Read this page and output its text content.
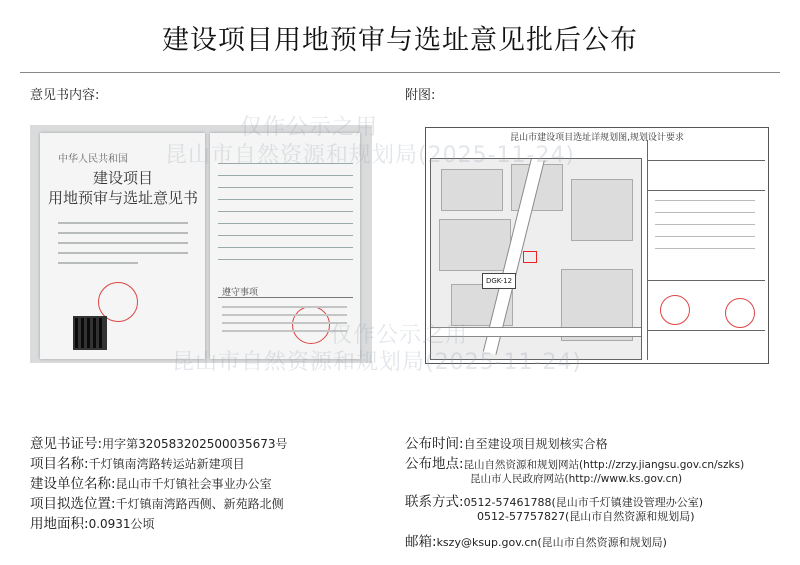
建设项目用地预审与选址意见批后公布
意见书内容:	附图:
中华人民共和国
建设项目
用地预审与选址意见书
遵守事项
昆山市建设项目选址详规划图,规划设计要求
DGK-12
仅作公示之用
昆山市自然资源和规划局(2025-11-24)
仅作公示之用
昆山市自然资源和规划局(2025-11-24)
意见书证号:用字第320583202500035673号
项目名称:千灯镇南湾路转运站新建项目
建设单位名称:昆山市千灯镇社会事业办公室
项目拟选位置:千灯镇南湾路西侧、新苑路北侧
用地面积:0.0931公顷
公布时间:自至建设项目规划核实合格
公布地点:昆山自然资源和规划网站(http://zrzy.jiangsu.gov.cn/szks)
昆山市人民政府网站(http://www.ks.gov.cn)
联系方式:0512-57461788(昆山市千灯镇建设管理办公室)
0512-57757827(昆山市自然资源和规划局)
邮箱:kszy@ksup.gov.cn(昆山市自然资源和规划局)
